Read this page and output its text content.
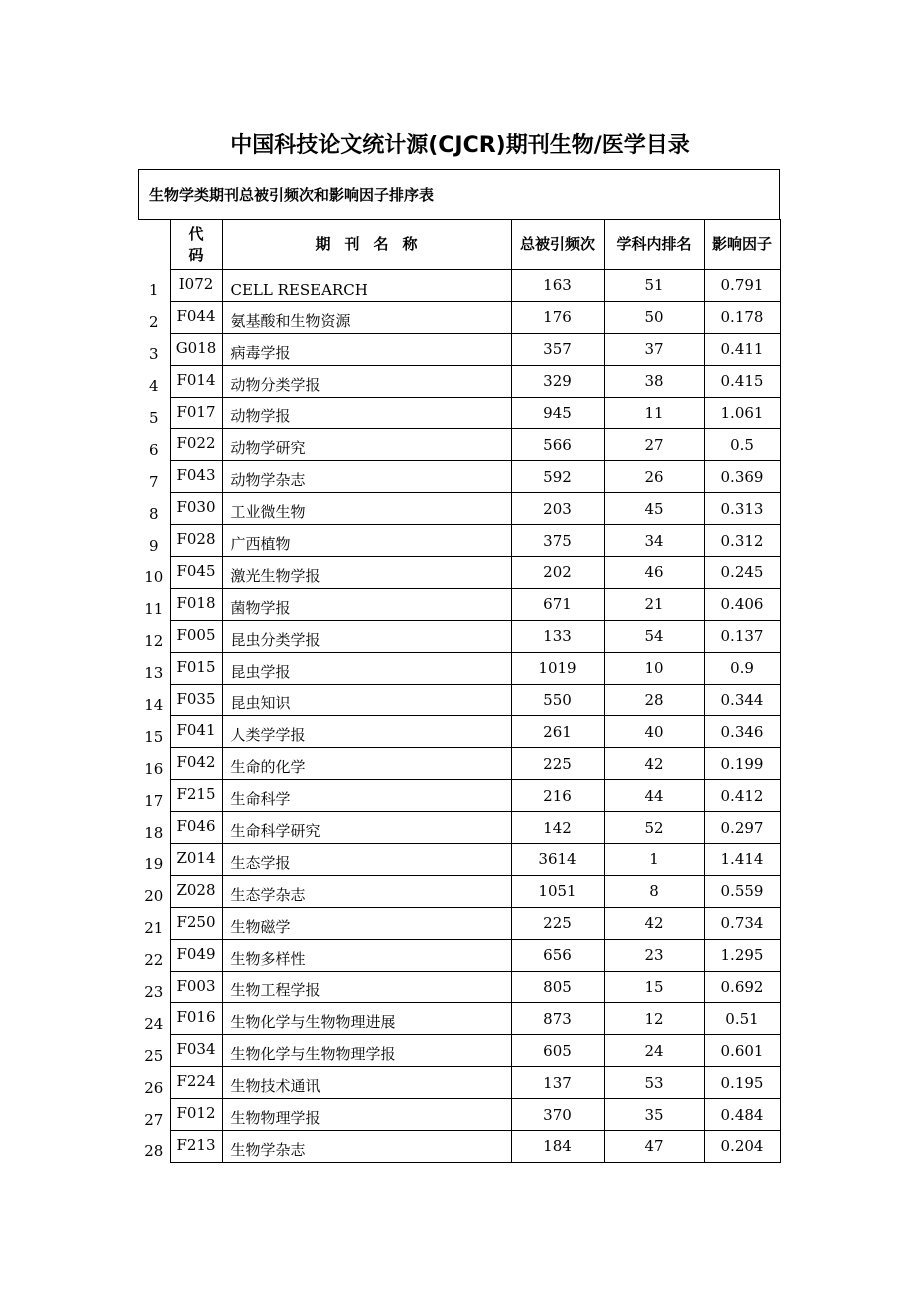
中国科技论文统计源(CJCR)期刊生物/医学目录
生物学类期刊总被引频次和影响因子排序表
	代码	期刊名称	总被引频次	学科内排名	影响因子
1	I072	CELL RESEARCH	163	51	0.791
2	F044	氨基酸和生物资源	176	50	0.178
3	G018	病毒学报	357	37	0.411
4	F014	动物分类学报	329	38	0.415
5	F017	动物学报	945	11	1.061
6	F022	动物学研究	566	27	0.5
7	F043	动物学杂志	592	26	0.369
8	F030	工业微生物	203	45	0.313
9	F028	广西植物	375	34	0.312
10	F045	激光生物学报	202	46	0.245
11	F018	菌物学报	671	21	0.406
12	F005	昆虫分类学报	133	54	0.137
13	F015	昆虫学报	1019	10	0.9
14	F035	昆虫知识	550	28	0.344
15	F041	人类学学报	261	40	0.346
16	F042	生命的化学	225	42	0.199
17	F215	生命科学	216	44	0.412
18	F046	生命科学研究	142	52	0.297
19	Z014	生态学报	3614	1	1.414
20	Z028	生态学杂志	1051	8	0.559
21	F250	生物磁学	225	42	0.734
22	F049	生物多样性	656	23	1.295
23	F003	生物工程学报	805	15	0.692
24	F016	生物化学与生物物理进展	873	12	0.51
25	F034	生物化学与生物物理学报	605	24	0.601
26	F224	生物技术通讯	137	53	0.195
27	F012	生物物理学报	370	35	0.484
28	F213	生物学杂志	184	47	0.204
